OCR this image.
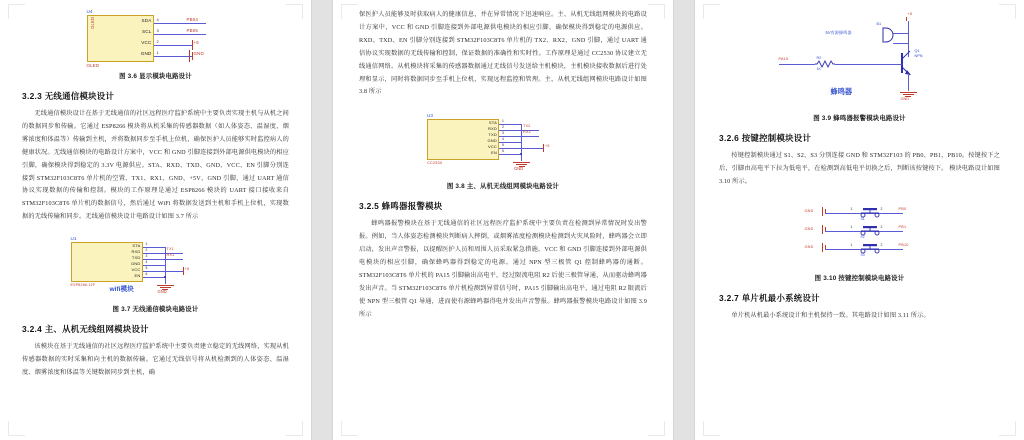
U4
OLED
OLED
SDA 4	PB04
SCL 3	PB05
VCC 2	+5
GND 1	GND
图 3.6 显示模块电路设计
3.2.3 无线通信模块设计

无线通信模块设计在基于无线通信的社区远程医疗监护系统中主要负责实现主机与从机之间的数据同步和传输。它通过 ESP8266 模块将从机采集的传感器数据（如人体姿态、温湿度、烟雾浓度和体温等）传输到主机，并将数据同步至手机上位机，确保医护人员能够实时监控病人的健康状况。无线通信模块的电路设计方案中，VCC 和 GND 引脚连接到外部电源供电模块的相应引脚，确保模块得到稳定的 3.3V 电源供应。STA、RXD、TXD、GND、VCC、EN 引脚分别连接到 STM32F103C8T6 单片机的空置、TX1、RX1、GND、+5V、GND 引脚，通过 UART 通信协议实现数据的传输和控制。模块的工作原理是通过 ESP8266 模块的 UART 接口接收来自 STM32F103C8T6 单片机的数据信号，然后通过 WiFi 将数据发送到主机和手机上位机，实现数据的无线传输和同步。无线通信模块设计电路设计如图 3.7 所示

U1
ESP8266-12F
STA 1
RXD 2	TX1
TXD 3	RX1
GND 4
VCC 5	+5
EN 6
GND
wifi模块
图 3.7 无线通信模块电路设计
3.2.4 主、从机无线组网模块设计

该模块在基于无线通信的社区远程医疗监护系统中主要负责建立稳定的无线网络，实现从机传感器数据的实时采集和向主机的数据传输。它通过无线信号将从机检测到的人体姿态、温湿度、烟雾浓度和体温等关键数据同步到主机，确

保医护人员能够及时获取病人的健康信息，并在异常情况下迅速响应。主、从机无线组网模块的电路设计方案中，VCC 和 GND 引脚连接到外部电源供电模块的相应引脚，确保模块得到稳定的电源供应。RXD、TXD、EN 引脚分别连接到 STM32F103C8T6 单片机的 TX2、RX2、GND 引脚，通过 UART 通信协议实现数据的无线传输和控制，保证数据的准确性和实时性。工作原理是通过 CC2530 协议建立无线通信网络。从机模块将采集的传感器数据通过无线信号发送给主机模块，主机模块接收数据后进行处理和显示，同时将数据同步至手机上位机，实现远程监控和管理。主、从机无线组网模块电路设计如图 3.8 所示

U3
CC2530
STA 1
RXD 2	TX2
TXD 3	RX2
GND 4
VCC 5	+5
EN 6
GND
图 3.8 主、从机无线组网模块电路设计
3.2.5 蜂鸣器报警模块

蜂鸣器报警模块在基于无线通信的社区远程医疗监护系统中主要负责在检测到异常情况时发出警报。例如，当人体姿态检测模块判断病人摔倒，或烟雾浓度检测模块检测到火灾风险时，蜂鸣器会立即启动，发出声音警报，以提醒医护人员和周围人员采取紧急措施。VCC 和 GND 引脚连接到外部电源供电模块的相应引脚，确保蜂鸣器得到稳定的电源。通过 NPN 型三极管 Q1 控制蜂鸣器的通断。STM32F103C8T6 单片机的 PA15 引脚输出高电平，经过限流电阻 R2 后使三极管导通，从而驱动蜂鸣器发出声音。当 STM32F103C8T6 单片机检测到异常信号时，PA15 引脚输出高电平，通过电阻 R2 限流后使 NPN 型三极管 Q1 导通，进而使有源蜂鸣器得电并发出声音警报。蜂鸣器报警模块电路设计如图 3.9 所示

+5
B1
5V有源蜂鸣器
Q1
NPN
PA15	R2
1K
GND
蜂鸣器
图 3.9 蜂鸣器报警模块电路设计
3.2.6 按键控制模块设计

按键控制模块通过 S1、S2、S3 分别连接 GND 和 STM32F103 的 PB0、PB1、PB10。按键按下之后，引脚由高电平下拉为低电平，在检测到高低电平切换之后，判断该按键按下。 模块电路设计如图 3.10 所示。

GND	1	2
S1
PB0
GND	1	2
S2
PB1
GND	1	2
S3
PB10
图 3.10 按键控制模块电路设计
3.2.7 单片机最小系统设计

单片机从机最小系统设计和主机保持一致。其电路设计如图 3.11 所示。
